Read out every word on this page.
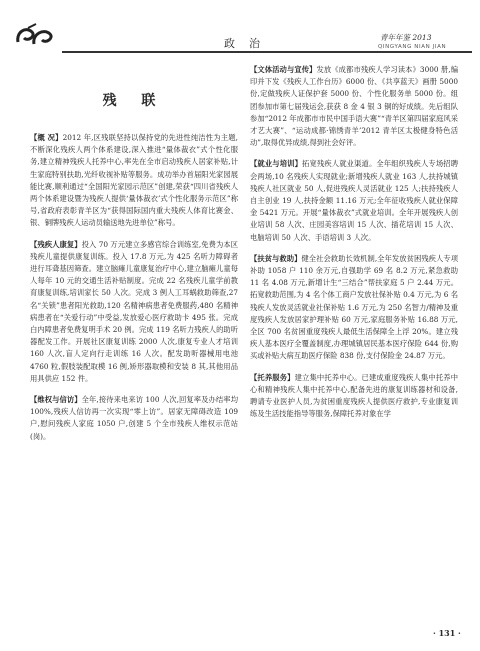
政治	青年年鉴 2013
QINGYANG NIAN JIAN
残 联
【概 况】2012 年,区残联坚持以保持党的先进性纯洁性为主题,不断深化残疾人两个体系建设,深入推进“量体裁衣”式个性化服务,建立精神残疾人托养中心,率先在全市启动残疾人居家补贴,计生家庭特别扶助,光纤收视补贴等服务。成功举办首届阳光家园展能比赛,顺利通过“全国阳光家园示范区”创建,荣获“四川省残疾人两个体系建设暨为残疾人提供‘量体裁衣’式个性化服务示范区”称号,省政府表彰青羊区为“获得国际国内重大残疾人体育比赛金、银、铜牌残疾人运动员输送地先进单位”称号。
【残疾人康复】投入 70 万元建立多感官综合训练室,免费为本区残疾儿童提供康复训练。投入 17.8 万元,为 425 名听力障碍者进行耳聋基因筛查。建立脑瘫儿童康复治疗中心,建立脑瘫儿童每人每年 10 元的交通生活补贴制度。完成 22 名残疾儿童学前教育康复训练,培训家长 50 人次。完成 3 例人工耳蜗救助筛查,27 名“关锁”患者阳光救助,120 名精神病患者免费服药,480 名精神病患者在“关爱行动”中受益,发放爱心医疗救助卡 495 张。完成白内障患者免费复明手术 20 例。完成 119 名听力残疾人的助听器配发工作。开展社区康复训练 2000 人次,康复专业人才培训 160 人次,盲人定向行走训练 16 人次。配发助听器械用电池 4760 粒,假肢装配取模 16 例,矫形器取模和安装 8 其,其他用品用具供应 152 件。
【维权与信访】全年,接待来电来访 100 人次,回复率及办结率均 100%,残疾人信访再一次实现“零上访”。居家无障碍改造 109 户,慰问残疾人家庭 1050 户,创建 5 个全市残疾人维权示范站(岗)。
【文体活动与宣传】发放《成都市残疾人学习读本》3000 册,编印并下发《残疾人工作台历》6000 份、《共享蓝天》画册 5000 份,定做残疾人证保护套 5000 份、个性化服务单 5000 份。组团参加市第七届残运会,获获 8 金 4 银 3 铜的好成绩。先后组队参加“2012 年成都市市民中国手语大赛”“青羊区第四届家庭风采才艺大赛”、“运动成都·锦绣青羊’2012 青羊区太极健身特色活动”,取得优异成绩,得到社会好评。
【就业与培训】拓宽残疾人就业渠道。全年组织残疾人专场招聘会两场,10 名残疾人实现就业;新增残疾人就业 163 人,扶持城镇残疾人社区就业 50 人,促进残疾人灵活就业 125 人;扶持残疾人自主创业 19 人,扶持金额 11.16 万元;全年征收残疾人就业保障金 5421 万元。开展“量体裁衣”式就业培训。全年开展残疾人创业培训 58 人次、庄园美容培训 15 人次、插花培训 15 人次、电脑培训 50 人次、手语培训 3 人次。
【扶贫与救助】健全社会救助长效机制,全年发放贫困残疾人专项补助 1058 户 110 余万元,自强助学 69 名 8.2 万元,紧急救助 11 名 4.08 万元,新增计生“三结合”帮扶家庭 5 户 2.44 万元。拓宽救助范围,为 4 名个体工商户发放社保补贴 0.4 万元,为 6 名残疾人发放灵活就业社保补贴 1.6 万元,为 250 名智力/精神及重度残疾人发放居家护理补贴 60 万元,家庭服务补贴 16.88 万元,全区 700 名贫困重度残疾人最低生活保障全上浮 20%。建立残疾人基本医疗全覆盖制度,办理城镇居民基本医疗保险 644 份,购买或补贴大病互助医疗保险 838 份,支付保险金 24.87 万元。
【托养服务】建立集中托养中心。已建成重度残疾人集中托养中心和精神残疾人集中托养中心,配备先进的康复训练器材和设备,聘请专业医护人员,为贫困重度残疾人提供医疗救护,专业康复训练及生活技能指导等服务,保障托养对象在学
· 131 ·
